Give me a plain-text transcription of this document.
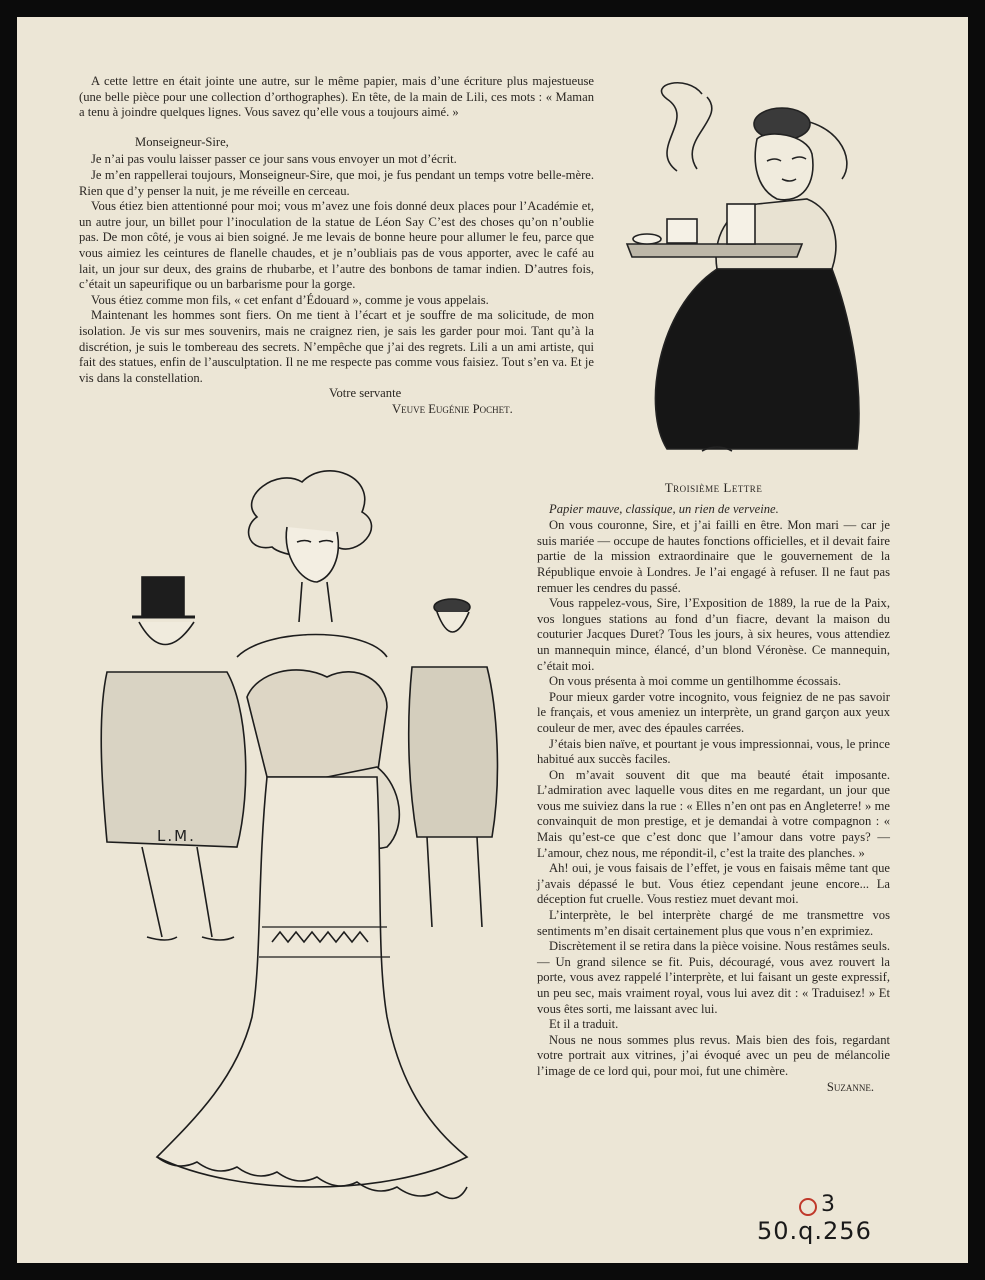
A cette lettre en était jointe une autre, sur le même papier, mais d’une écriture plus majestueuse (une belle pièce pour une collection d’orthographes). En tête, de la main de Lili, ces mots : « Maman a tenu à joindre quelques lignes. Vous savez qu’elle vous a toujours aimé. »

Monseigneur-Sire,

Je n’ai pas voulu laisser passer ce jour sans vous envoyer un mot d’écrit.

Je m’en rappellerai toujours, Monseigneur-Sire, que moi, je fus pendant un temps votre belle-mère. Rien que d’y penser la nuit, je me réveille en cerceau.

Vous étiez bien attentionné pour moi; vous m’avez une fois donné deux places pour l’Académie et, un autre jour, un billet pour l’inoculation de la statue de Léon Say C’est des choses qu’on n’oublie pas. De mon côté, je vous ai bien soigné. Je me levais de bonne heure pour allumer le feu, parce que vous aimiez les ceintures de flanelle chaudes, et je n’oubliais pas de vous apporter, avec le café au lait, un jour sur deux, des grains de rhubarbe, et l’autre des bonbons de tamar indien. D’autres fois, c’était un sapeurifique ou un barbarisme pour la gorge.

Vous étiez comme mon fils, « cet enfant d’Édouard », comme je vous appelais.

Maintenant les hommes sont fiers. On me tient à l’écart et je souffre de ma solicitude, de mon isolation. Je vis sur mes souvenirs, mais ne craignez rien, je sais les garder pour moi. Tant qu’à la discrétion, je suis le tombereau des secrets. N’empêche que j’ai des regrets. Lili a un ami artiste, qui fait des statues, enfin de l’ausculptation. Il ne me respecte pas comme vous faisiez. Tout s’en va. Et je vis dans la constellation.

Votre servante

Veuve Eugénie Pochet.

L.M.

Troisième Lettre

Papier mauve, classique, un rien de verveine.

On vous couronne, Sire, et j’ai failli en être. Mon mari — car je suis mariée — occupe de hautes fonctions officielles, et il devait faire partie de la mission extraordinaire que le gouvernement de la République envoie à Londres. Je l’ai engagé à refuser. Il ne faut pas remuer les cendres du passé.

Vous rappelez-vous, Sire, l’Exposition de 1889, la rue de la Paix, vos longues stations au fond d’un fiacre, devant la maison du couturier Jacques Duret? Tous les jours, à six heures, vous attendiez un mannequin mince, élancé, d’un blond Véronèse. Ce mannequin, c’était moi.

On vous présenta à moi comme un gentilhomme écossais.

Pour mieux garder votre incognito, vous feigniez de ne pas savoir le français, et vous ameniez un interprète, un grand garçon aux yeux couleur de mer, avec des épaules carrées.

J’étais bien naïve, et pourtant je vous impressionnai, vous, le prince habitué aux succès faciles.

On m’avait souvent dit que ma beauté était imposante. L’admiration avec laquelle vous dites en me regardant, un jour que vous me suiviez dans la rue : « Elles n’en ont pas en Angleterre! » me convainquit de mon prestige, et je demandai à votre compagnon : « Mais qu’est-ce que c’est donc que l’amour dans votre pays? — L’amour, chez nous, me répondit-il, c’est la traite des planches. »

Ah! oui, je vous faisais de l’effet, je vous en faisais même tant que j’avais dépassé le but. Vous étiez cependant jeune encore... La déception fut cruelle. Vous restiez muet devant moi.

L’interprète, le bel interprète chargé de me transmettre vos sentiments m’en disait certainement plus que vous n’en exprimiez.

Discrètement il se retira dans la pièce voisine. Nous restâmes seuls. — Un grand silence se fit. Puis, découragé, vous avez rouvert la porte, vous avez rappelé l’interprète, et lui faisant un geste expressif, un peu sec, mais vraiment royal, vous lui avez dit : « Traduisez! » Et vous êtes sorti, me laissant avec lui.

Et il a traduit.

Nous ne nous sommes plus revus. Mais bien des fois, regardant votre portrait aux vitrines, j’ai évoqué avec un peu de mélancolie l’image de ce lord qui, pour moi, fut une chimère.

Suzanne.

3
50.q.256
